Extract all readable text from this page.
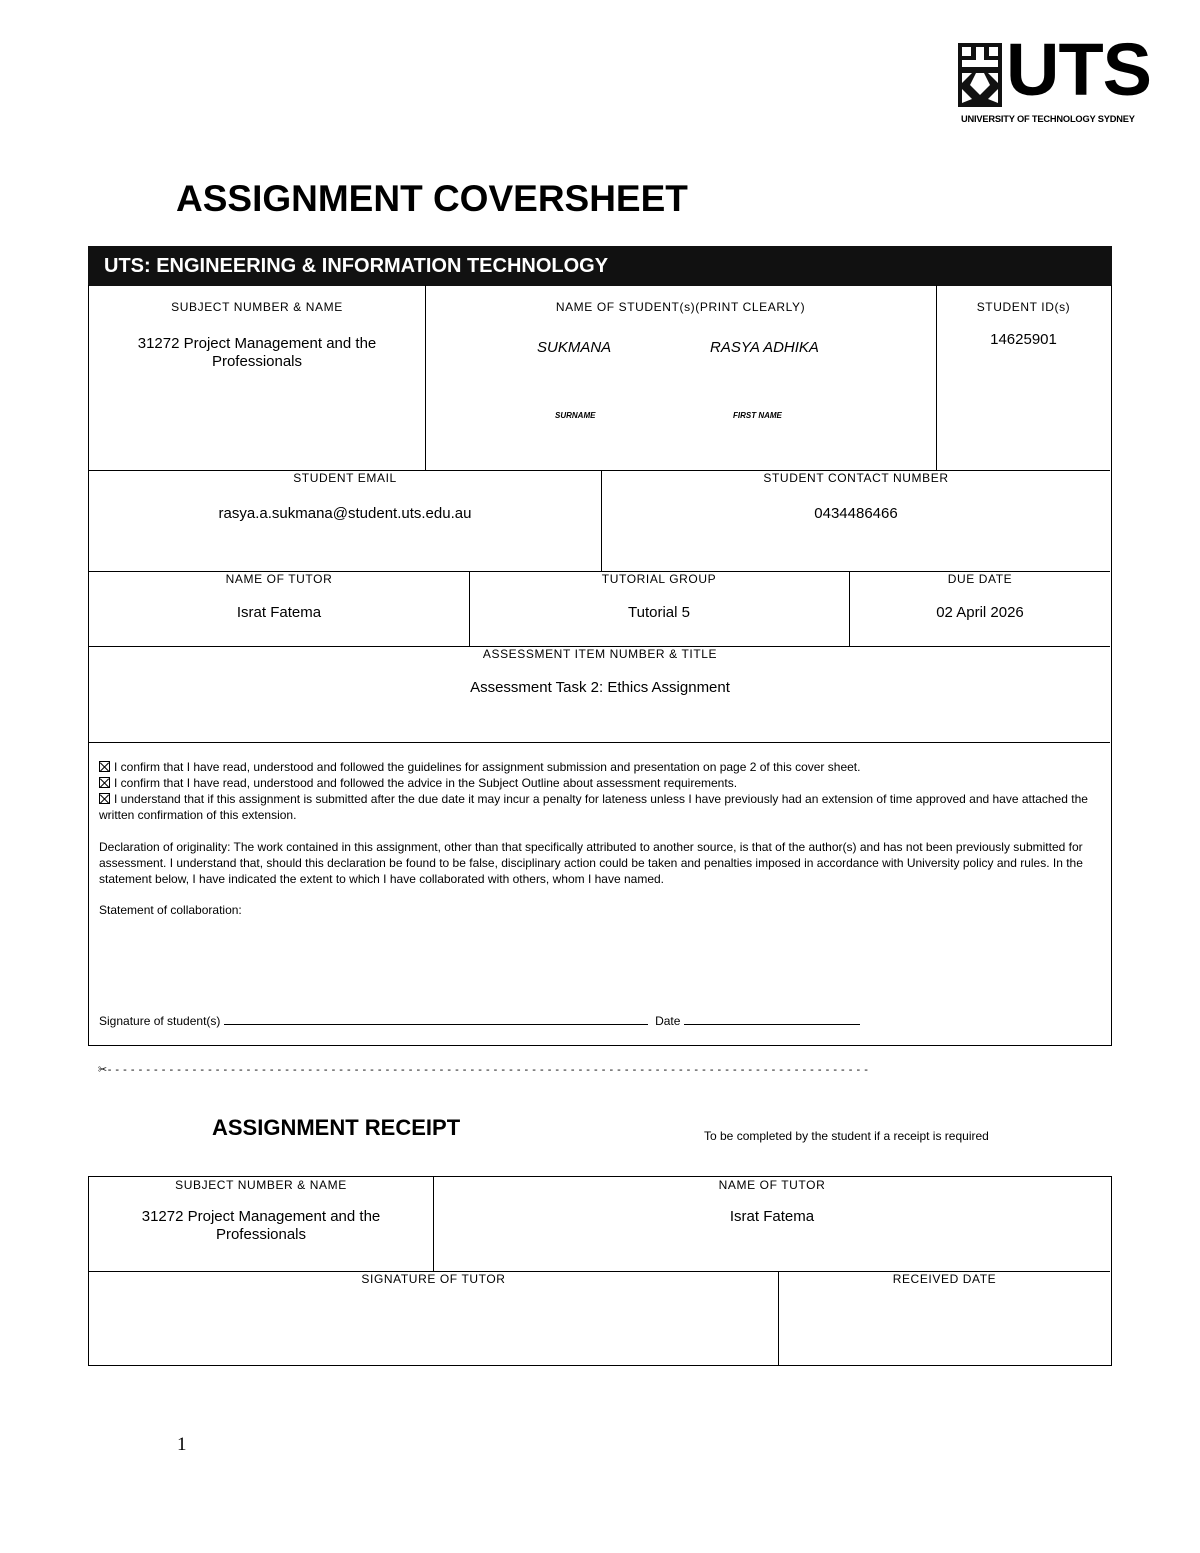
UTS
UNIVERSITY OF TECHNOLOGY SYDNEY
ASSIGNMENT COVERSHEET
UTS: ENGINEERING & INFORMATION TECHNOLOGY
SUBJECT NUMBER & NAME
31272 Project Management and the Professionals
NAME OF STUDENT(s)(PRINT CLEARLY)
SUKMANA	RASYA ADHIKA
SURNAME	FIRST NAME
STUDENT ID(s)
14625901
STUDENT EMAIL
rasya.a.sukmana@student.uts.edu.au
STUDENT CONTACT NUMBER
0434486466
NAME OF TUTOR
Israt Fatema
TUTORIAL GROUP
Tutorial 5
DUE DATE
02 April 2026
ASSESSMENT ITEM NUMBER & TITLE
Assessment Task 2: Ethics Assignment
I confirm that I have read, understood and followed the guidelines for assignment submission and presentation on page 2 of this cover sheet.
I confirm that I have read, understood and followed the advice in the Subject Outline about assessment requirements.
I understand that if this assignment is submitted after the due date it may incur a penalty for lateness unless I have previously had an extension of time approved and have attached the written confirmation of this extension.
Declaration of originality: The work contained in this assignment, other than that specifically attributed to another source, is that of the author(s) and has not been previously submitted for assessment. I understand that, should this declaration be found to be false, disciplinary action could be taken and penalties imposed in accordance with University policy and rules. In the statement below, I have indicated the extent to which I have collaborated with others, whom I have named.
Statement of collaboration:
Signature of student(s)	Date
✂- - - - - - - - - - - - - - - - - - - - - - - - - - - - - - - - - - - - - - - - - - - - - - - - - - - - - - - - - - - - - - - - - - - - - - - - - - - - - - - - - - - - - - - - - - - - - - - - - - -
ASSIGNMENT RECEIPT	To be completed by the student if a receipt is required
SUBJECT NUMBER & NAME
31272 Project Management and the Professionals
NAME OF TUTOR
Israt Fatema
SIGNATURE OF TUTOR	RECEIVED DATE
1
